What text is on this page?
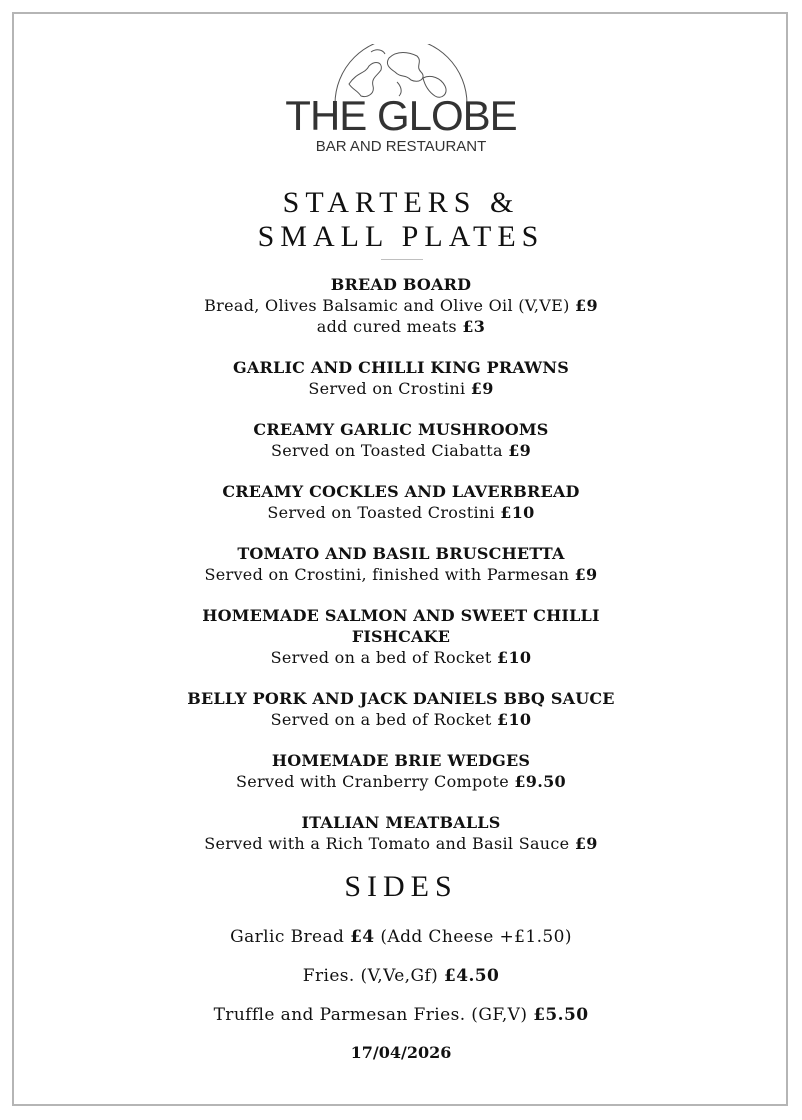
THE GLOBE
BAR AND RESTAURANT
STARTERS &
SMALL PLATES
BREAD BOARD
Bread, Olives Balsamic and Olive Oil (V,VE) £9
add cured meats £3
GARLIC AND CHILLI KING PRAWNS
Served on Crostini £9
CREAMY GARLIC MUSHROOMS
Served on Toasted Ciabatta £9
CREAMY COCKLES AND LAVERBREAD
Served on Toasted Crostini £10
TOMATO AND BASIL BRUSCHETTA
Served on Crostini, finished with Parmesan £9
HOMEMADE SALMON AND SWEET CHILLI FISHCAKE
Served on a bed of Rocket £10
BELLY PORK AND JACK DANIELS BBQ SAUCE
Served on a bed of Rocket £10
HOMEMADE BRIE WEDGES
Served with Cranberry Compote £9.50
ITALIAN MEATBALLS
Served with a Rich Tomato and Basil Sauce £9
SIDES
Garlic Bread £4 (Add Cheese +£1.50)
Fries. (V,Ve,Gf) £4.50
Truffle and Parmesan Fries. (GF,V) £5.50
17/04/2026
